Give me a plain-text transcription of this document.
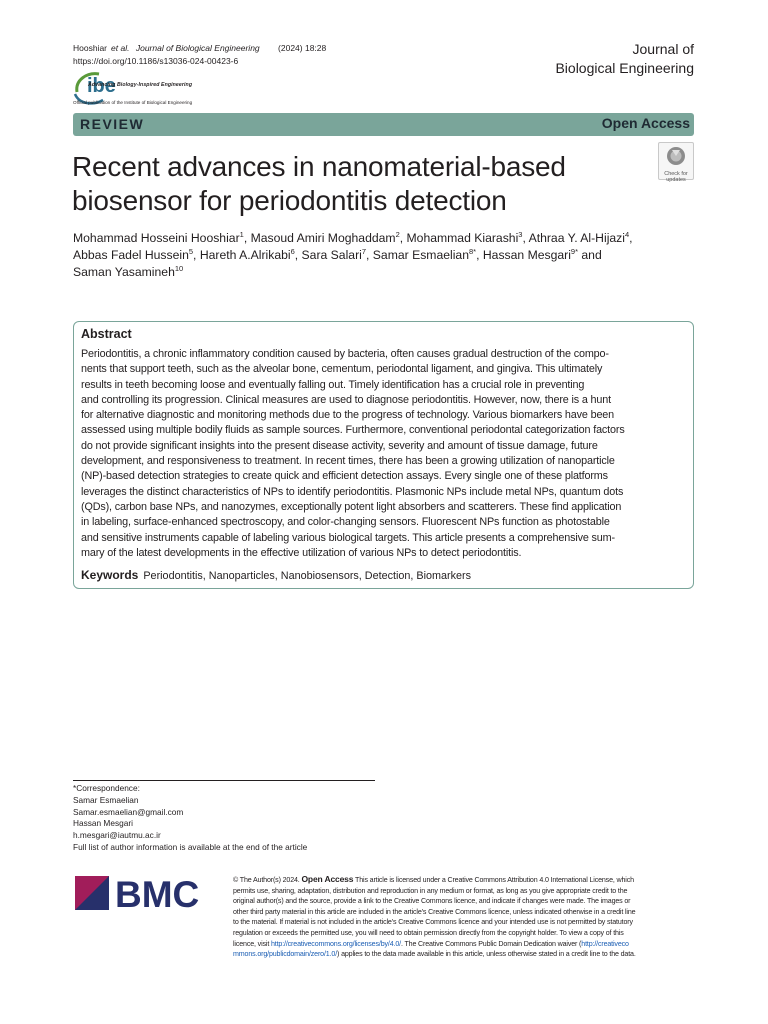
Hooshiar et al. Journal of Biological Engineering (2024) 18:28
https://doi.org/10.1186/s13036-024-00423-6
Journal of
Biological Engineering
ibe
Advancing Biology-Inspired Engineering
Official publication of the Institute of Biological Engineering
REVIEW	Open Access
Recent advances in nanomaterial-based biosensor for periodontitis detection
Check for
updates
Mohammad Hosseini Hooshiar$^1$, Masoud Amiri Moghaddam$^2$, Mohammad Kiarashi$^3$, Athraa Y. Al-Hijazi$^4$,
Abbas Fadel Hussein$^5$, Hareth A.Alrikabi$^6$, Sara Salari$^7$, Samar Esmaelian$^{8*}$, Hassan Mesgari$^{9*}$ and
Saman Yasamineh$^{10}$
Abstract
Periodontitis, a chronic inflammatory condition caused by bacteria, often causes gradual destruction of the compo-
nents that support teeth, such as the alveolar bone, cementum, periodontal ligament, and gingiva. This ultimately
results in teeth becoming loose and eventually falling out. Timely identification has a crucial role in preventing
and controlling its progression. Clinical measures are used to diagnose periodontitis. However, now, there is a hunt
for alternative diagnostic and monitoring methods due to the progress of technology. Various biomarkers have been
assessed using multiple bodily fluids as sample sources. Furthermore, conventional periodontal categorization factors
do not provide significant insights into the present disease activity, severity and amount of tissue damage, future
development, and responsiveness to treatment. In recent times, there has been a growing utilization of nanoparticle
(NP)-based detection strategies to create quick and efficient detection assays. Every single one of these platforms
leverages the distinct characteristics of NPs to identify periodontitis. Plasmonic NPs include metal NPs, quantum dots
(QDs), carbon base NPs, and nanozymes, exceptionally potent light absorbers and scatterers. These find application
in labeling, surface-enhanced spectroscopy, and color-changing sensors. Fluorescent NPs function as photostable
and sensitive instruments capable of labeling various biological targets. This article presents a comprehensive sum-
mary of the latest developments in the effective utilization of various NPs to detect periodontitis.
Keywords Periodontitis, Nanoparticles, Nanobiosensors, Detection, Biomarkers
*Correspondence:
Samar Esmaelian
Samar.esmaelian@gmail.com
Hassan Mesgari
h.mesgari@iautmu.ac.ir
Full list of author information is available at the end of the article
BMC	© The Author(s) 2024. Open Access This article is licensed under a Creative Commons Attribution 4.0 International License, which
permits use, sharing, adaptation, distribution and reproduction in any medium or format, as long as you give appropriate credit to the
original author(s) and the source, provide a link to the Creative Commons licence, and indicate if changes were made. The images or
other third party material in this article are included in the article’s Creative Commons licence, unless indicated otherwise in a credit line
to the material. If material is not included in the article’s Creative Commons licence and your intended use is not permitted by statutory
regulation or exceeds the permitted use, you will need to obtain permission directly from the copyright holder. To view a copy of this
licence, visit http://creativecommons.org/licenses/by/4.0/. The Creative Commons Public Domain Dedication waiver (http://creativeco
mmons.org/publicdomain/zero/1.0/) applies to the data made available in this article, unless otherwise stated in a credit line to the data.
